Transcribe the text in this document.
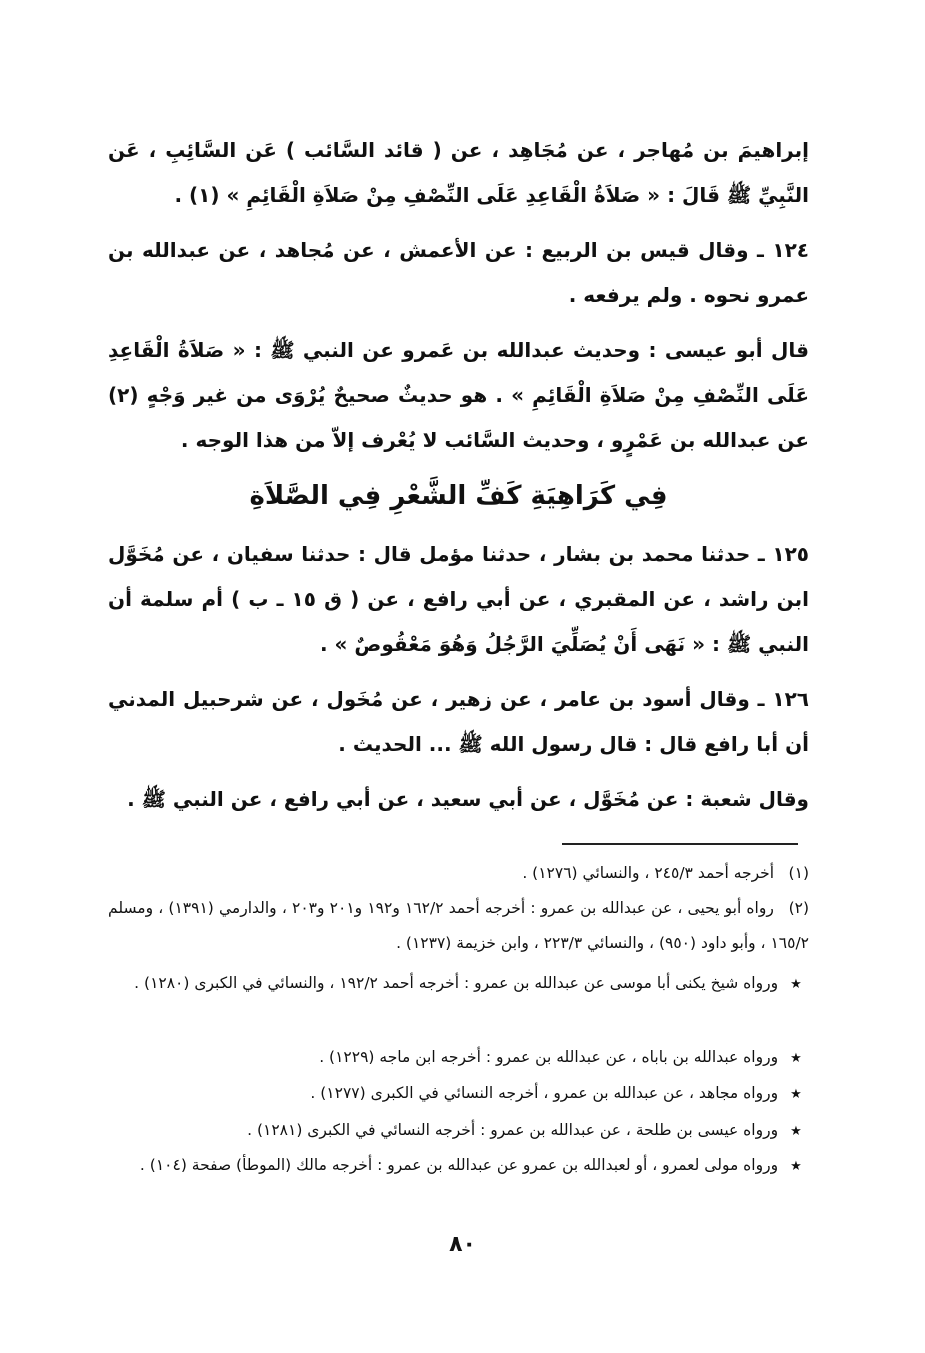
إبراهيمَ بن مُهاجر ، عن مُجَاهِد ، عن ( قائد السَّائب ) عَن السَّائِبِ ، عَن النَّبِيِّ ﷺ قَالَ : « صَلاَةُ الْقَاعِدِ عَلَى النِّصْفِ مِنْ صَلاَةِ الْقَائِمِ » (١) .

١٢٤ ـ وقال قيس بن الربيع : عن الأعمش ، عن مُجاهد ، عن عبدالله بن عمرو نحوه . ولم يرفعه .

قال أبو عيسى : وحديث عبدالله بن عَمرو عن النبي ﷺ : « صَلاَةُ الْقَاعِدِ عَلَى النِّصْفِ مِنْ صَلاَةِ الْقَائِمِ » . هو حديثٌ صحيحٌ يُرْوَى من غير وَجْهٍ (٢) عن عبدالله بن عَمْرٍو ، وحديث السَّائب لا يُعْرف إلاّ من هذا الوجه .

فِي كَرَاهِيَةِ كَفِّ الشَّعْرِ فِي الصَّلاَةِ

١٢٥ ـ حدثنا محمد بن بشار ، حدثنا مؤمل قال : حدثنا سفيان ، عن مُخَوَّل ابن راشد ، عن المقبري ، عن أبي رافع ، عن ( ق ١٥ ـ ب ) أم سلمة أن النبي ﷺ : « نَهَى أَنْ يُصَلِّيَ الرَّجُلُ وَهُوَ مَعْقُوصٌ » .

١٢٦ ـ وقال أسود بن عامر ، عن زهير ، عن مُخَول ، عن شرحبيل المدني أن أبا رافع قال : قال رسول الله ﷺ ... الحديث .

وقال شعبة : عن مُخَوَّل ، عن أبي سعيد ، عن أبي رافع ، عن النبي ﷺ .

(١) أخرجه أحمد ٢٤٥/٣ ، والنسائي (١٢٧٦) .
(٢) رواه أبو يحيى ، عن عبدالله بن عمرو : أخرجه أحمد ١٦٢/٢ و١٩٢ و٢٠١ و٢٠٣ ، والدارمي (١٣٩١) ، ومسلم ١٦٥/٢ ، وأبو داود (٩٥٠) ، والنسائي ٢٢٣/٣ ، وابن خزيمة (١٢٣٧) .
★ ورواه شيخ يكنى أبا موسى عن عبدالله بن عمرو : أخرجه أحمد ١٩٢/٢ ، والنسائي في الكبرى (١٢٨٠) .
★ ورواه عبدالله بن باباه ، عن عبدالله بن عمرو : أخرجه ابن ماجه (١٢٢٩) .
★ ورواه مجاهد ، عن عبدالله بن عمرو ، أخرجه النسائي في الكبرى (١٢٧٧) .
★ ورواه عيسى بن طلحة ، عن عبدالله بن عمرو : أخرجه النسائي في الكبرى (١٢٨١) .
★ ورواه مولى لعمرو ، أو لعبدالله بن عمرو عن عبدالله بن عمرو : أخرجه مالك (الموطأ) صفحة (١٠٤) .
٨٠
